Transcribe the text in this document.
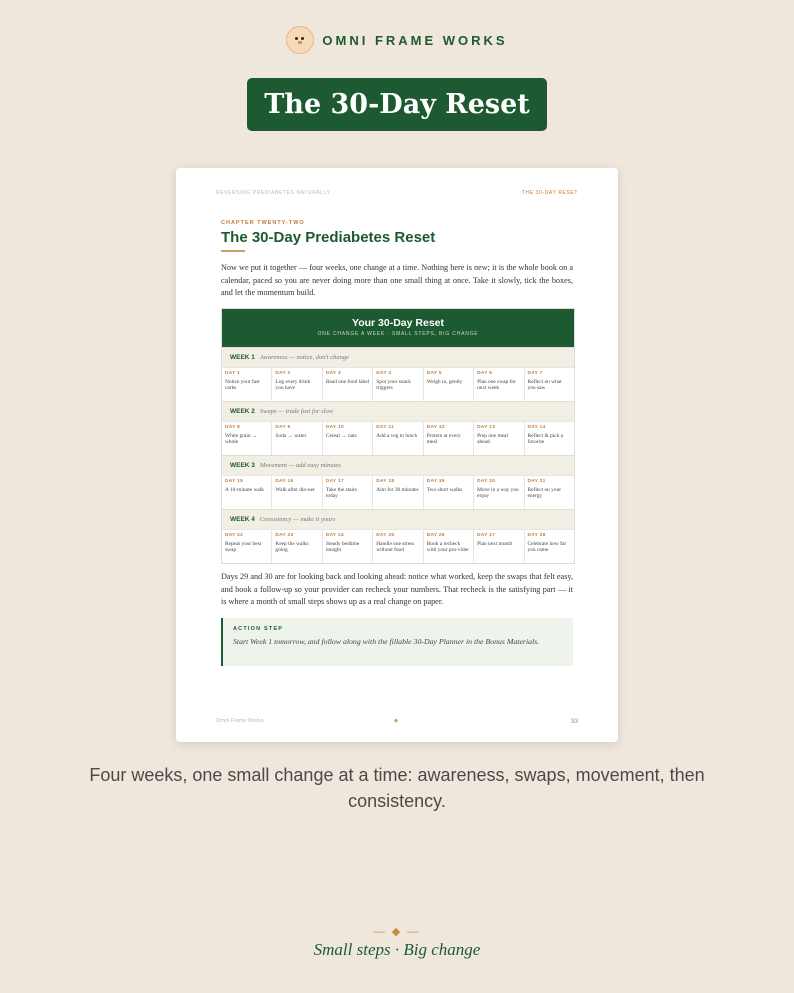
OMNI FRAME WORKS
The 30-Day Reset
REVERSING PREDIABETES NATURALLY	THE 30-DAY RESET
CHAPTER TWENTY-TWO
The 30-Day Prediabetes Reset

Now we put it together — four weeks, one change at a time. Nothing here is new; it is the whole book on a calendar, paced so you are never doing more than one small thing at once. Take it slowly, tick the boxes, and let the momentum build.

Your 30-Day Reset
ONE CHANGE A WEEK · SMALL STEPS, BIG CHANGE
WEEK 1 Awareness — notice, don't change
DAY 1
Notice your fast carbs
DAY 2
Log every drink you have
DAY 3
Read one food label
DAY 4
Spot your snack triggers
DAY 5
Weigh in, gently
DAY 6
Plan one swap for next week
DAY 7
Reflect on what you saw
WEEK 2 Swaps — trade fast for slow
DAY 8
White grain → whole
DAY 9
Soda → water
DAY 10
Cereal → oats
DAY 11
Add a veg to lunch
DAY 12
Protein at every meal
DAY 13
Prep one meal ahead
DAY 14
Reflect & pick a favorite
WEEK 3 Movement — add easy minutes
DAY 15
A 10-minute walk
DAY 16
Walk after din-ner
DAY 17
Take the stairs today
DAY 18
Aim for 30 minutes
DAY 19
Two short walks
DAY 20
Move in a way you enjoy
DAY 21
Reflect on your energy
WEEK 4 Consistency — make it yours
DAY 22
Repeat your best swap
DAY 23
Keep the walks going
DAY 24
Steady bedtime tonight
DAY 25
Handle one stress without food
DAY 26
Book a recheck with your pro-vider
DAY 27
Plan next month
DAY 28
Celebrate how far you came

Days 29 and 30 are for looking back and looking ahead: notice what worked, keep the swaps that felt easy, and book a follow-up so your provider can recheck your numbers. That recheck is the satisfying part — it is where a month of small steps shows up as a real change on paper.

ACTION STEP
Start Week 1 tomorrow, and follow along with the fillable 30-Day Planner in the Bonus Materials.
Omni Frame Works	◆	33
Four weeks, one small change at a time: awareness, swaps, movement, then consistency.
— ◆ —
Small steps · Big change
